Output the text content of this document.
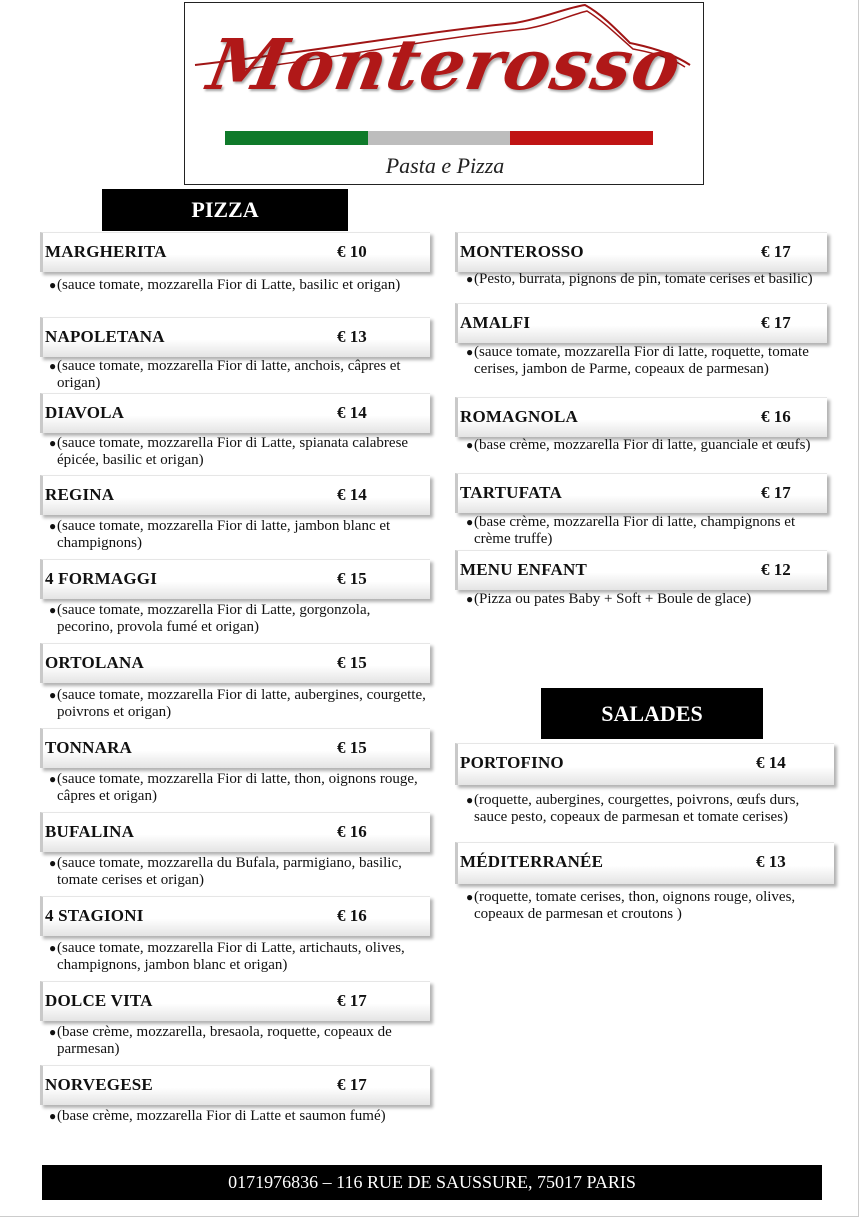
Monterosso
Pasta e Pizza
PIZZA
SALADES
MARGHERITA	€ 10
● (sauce tomate, mozzarella Fior di Latte, basilic et origan)
NAPOLETANA	€ 13
● (sauce tomate, mozzarella Fior di latte, anchois, câpres et origan)
DIAVOLA	€ 14
● (sauce tomate, mozzarella Fior di Latte, spianata calabrese épicée, basilic et origan)
REGINA	€ 14
● (sauce tomate, mozzarella Fior di latte, jambon blanc et champignons)
4 FORMAGGI	€ 15
● (sauce tomate, mozzarella Fior di Latte, gorgonzola, pecorino, provola fumé et origan)
ORTOLANA	€ 15
● (sauce tomate, mozzarella Fior di latte, aubergines, courgette, poivrons et origan)
TONNARA	€ 15
● (sauce tomate, mozzarella Fior di latte, thon, oignons rouge, câpres et origan)
BUFALINA	€ 16
● (sauce tomate, mozzarella du Bufala, parmigiano, basilic, tomate cerises et origan)
4 STAGIONI	€ 16
● (sauce tomate, mozzarella Fior di Latte, artichauts, olives, champignons, jambon blanc et origan)
DOLCE VITA	€ 17
● (base crème, mozzarella, bresaola, roquette, copeaux de parmesan)
NORVEGESE	€ 17
● (base crème, mozzarella Fior di Latte et saumon fumé)
MONTEROSSO	€ 17
● (Pesto, burrata, pignons de pin, tomate cerises et basilic)
AMALFI	€ 17
● (sauce tomate, mozzarella Fior di latte, roquette, tomate cerises, jambon de Parme, copeaux de parmesan)
ROMAGNOLA	€ 16
● (base crème, mozzarella Fior di latte, guanciale et œufs)
TARTUFATA	€ 17
● (base crème, mozzarella Fior di latte, champignons et crème truffe)
MENU ENFANT	€ 12
● (Pizza ou pates Baby + Soft + Boule de glace)
PORTOFINO	€ 14
● (roquette, aubergines, courgettes, poivrons, œufs durs, sauce pesto, copeaux de parmesan et tomate cerises)
MÉDITERRANÉE	€ 13
● (roquette, tomate cerises, thon, oignons rouge, olives, copeaux de parmesan et croutons )
0171976836 – 116 RUE DE SAUSSURE, 75017 PARIS
